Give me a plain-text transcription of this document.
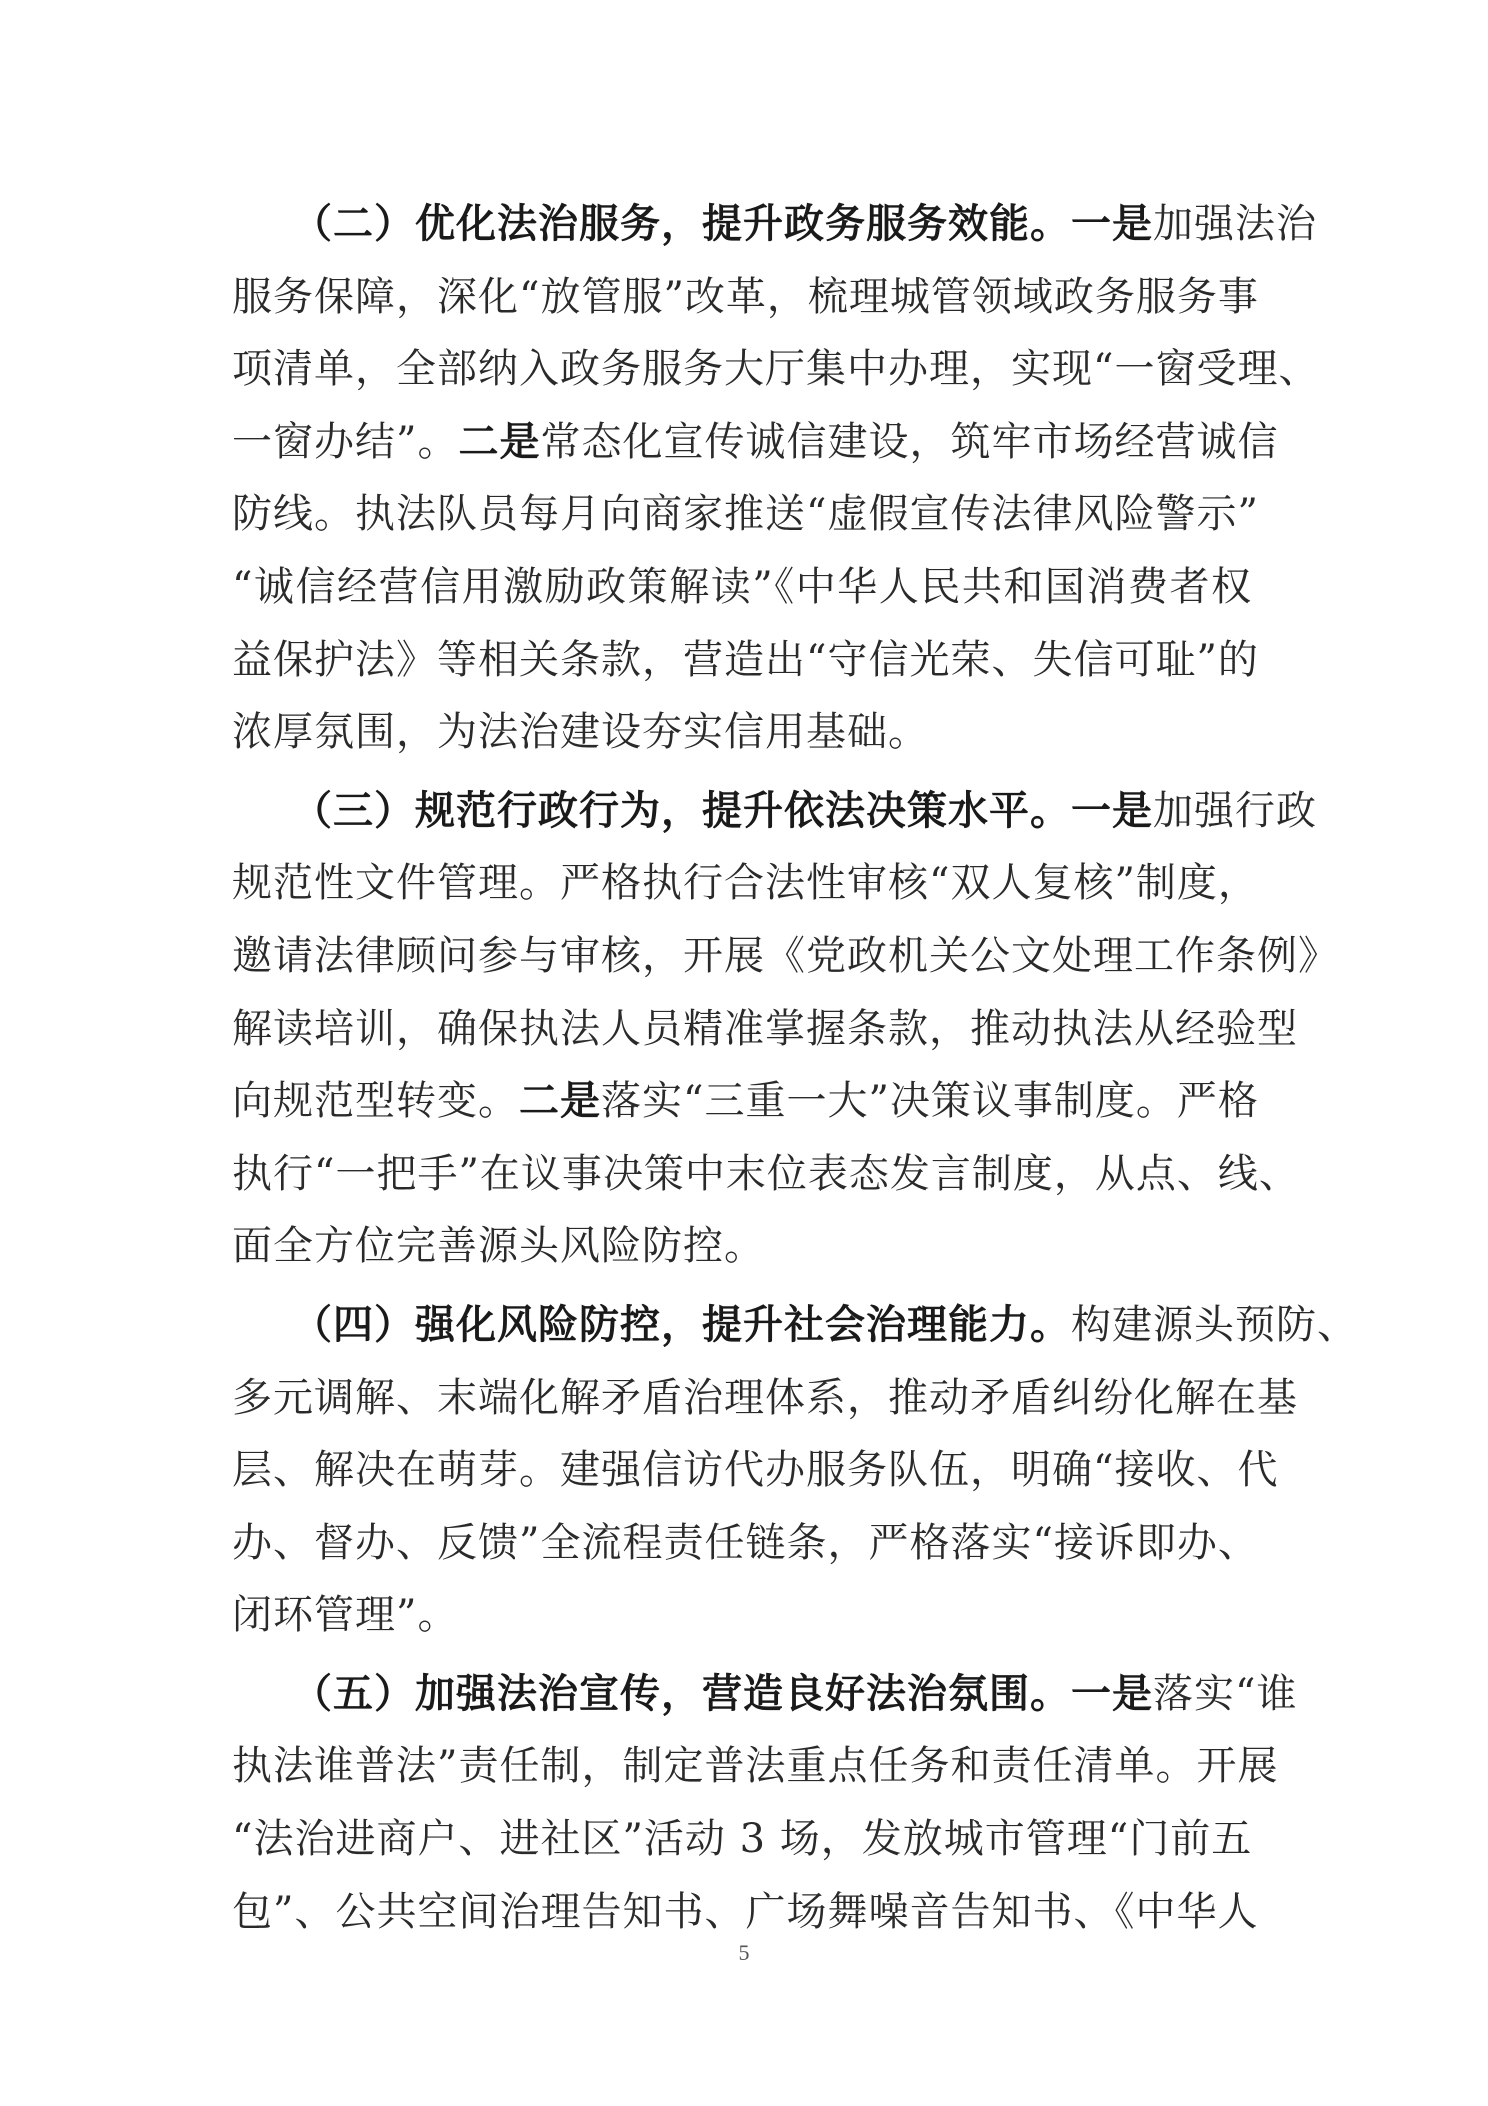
（二）优化法治服务，提升政务服务效能。一是加强法治
服务保障，深化“放管服”改革，梳理城管领域政务服务事
项清单，全部纳入政务服务大厅集中办理，实现“一窗受理、
一窗办结”。二是常态化宣传诚信建设，筑牢市场经营诚信
防线。执法队员每月向商家推送“虚假宣传法律风险警示”
“诚信经营信用激励政策解读”《中华人民共和国消费者权
益保护法》等相关条款，营造出“守信光荣、失信可耻”的
浓厚氛围，为法治建设夯实信用基础。
（三）规范行政行为，提升依法决策水平。一是加强行政
规范性文件管理。严格执行合法性审核“双人复核”制度，
邀请法律顾问参与审核，开展《党政机关公文处理工作条例》
解读培训，确保执法人员精准掌握条款，推动执法从经验型
向规范型转变。二是落实“三重一大”决策议事制度。严格
执行“一把手”在议事决策中末位表态发言制度，从点、线、
面全方位完善源头风险防控。
（四）强化风险防控，提升社会治理能力。构建源头预防、
多元调解、末端化解矛盾治理体系，推动矛盾纠纷化解在基
层、解决在萌芽。建强信访代办服务队伍，明确“接收、代
办、督办、反馈”全流程责任链条，严格落实“接诉即办、
闭环管理”。
（五）加强法治宣传，营造良好法治氛围。一是落实“谁
执法谁普法”责任制，制定普法重点任务和责任清单。开展
“法治进商户、进社区”活动 3 场，发放城市管理“门前五
包”、公共空间治理告知书、广场舞噪音告知书、《中华人
5
